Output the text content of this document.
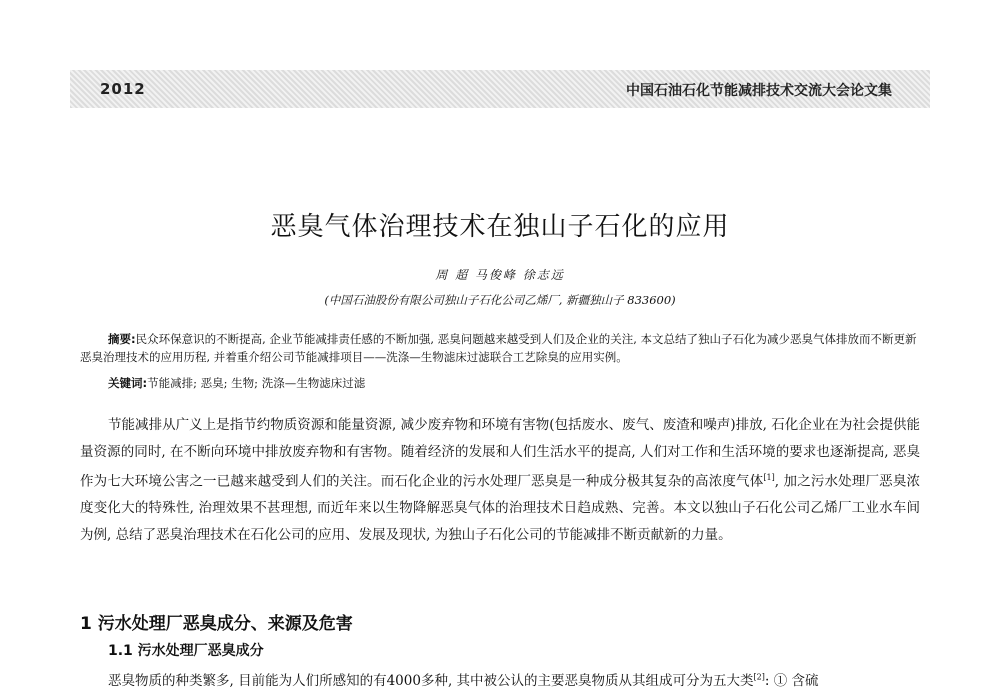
2012	中国石油石化节能减排技术交流大会论文集
恶臭气体治理技术在独山子石化的应用
周 超 马俊峰 徐志远
(中国石油股份有限公司独山子石化公司乙烯厂, 新疆独山子 833600)

摘要:民众环保意识的不断提高, 企业节能减排责任感的不断加强, 恶臭问题越来越受到人们及企业的关注, 本文总结了独山子石化为减少恶臭气体排放而不断更新恶臭治理技术的应用历程, 并着重介绍公司节能减排项目——洗涤—生物滤床过滤联合工艺除臭的应用实例。

关键词:节能减排; 恶臭; 生物; 洗涤—生物滤床过滤

节能减排从广义上是指节约物质资源和能量资源, 减少废弃物和环境有害物(包括废水、废气、废渣和噪声)排放, 石化企业在为社会提供能量资源的同时, 在不断向环境中排放废弃物和有害物。随着经济的发展和人们生活水平的提高, 人们对工作和生活环境的要求也逐渐提高, 恶臭作为七大环境公害之一已越来越受到人们的关注。而石化企业的污水处理厂恶臭是一种成分极其复杂的高浓度气体[1], 加之污水处理厂恶臭浓度变化大的特殊性, 治理效果不甚理想, 而近年来以生物降解恶臭气体的治理技术日趋成熟、完善。本文以独山子石化公司乙烯厂工业水车间为例, 总结了恶臭治理技术在石化公司的应用、发展及现状, 为独山子石化公司的节能减排不断贡献新的力量。

1 污水处理厂恶臭成分、来源及危害
1.1 污水处理厂恶臭成分

恶臭物质的种类繁多, 目前能为人们所感知的有4000多种, 其中被公认的主要恶臭物质从其组成可分为五大类[2]: ① 含硫
